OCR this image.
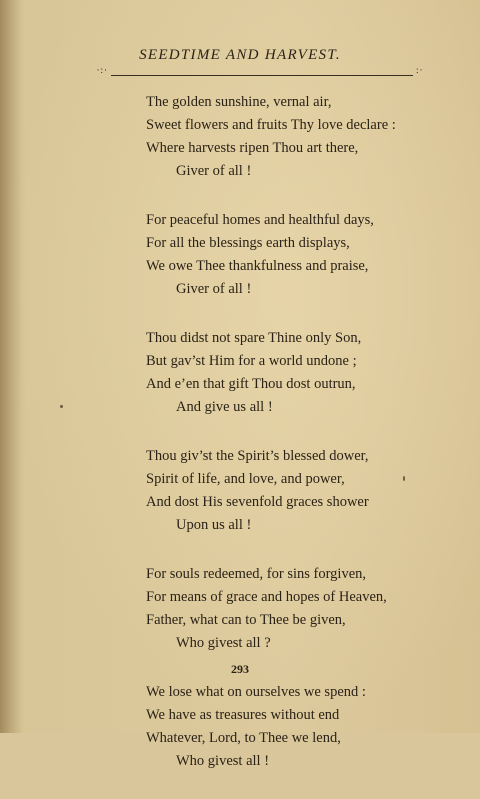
SEEDTIME AND HARVEST.
·:·	:·
The golden sunshine, vernal air,
Sweet flowers and fruits Thy love declare :
Where harvests ripen Thou art there,
Giver of all !
For peaceful homes and healthful days,
For all the blessings earth displays,
We owe Thee thankfulness and praise,
Giver of all !
Thou didst not spare Thine only Son,
But gav’st Him for a world undone ;
And e’en that gift Thou dost outrun,
And give us all !
Thou giv’st the Spirit’s blessed dower,
Spirit of life, and love, and power,
And dost His sevenfold graces shower
Upon us all !
For souls redeemed, for sins forgiven,
For means of grace and hopes of Heaven,
Father, what can to Thee be given,
Who givest all ?
We lose what on ourselves we spend :
We have as treasures without end
Whatever, Lord, to Thee we lend,
Who givest all !
293
